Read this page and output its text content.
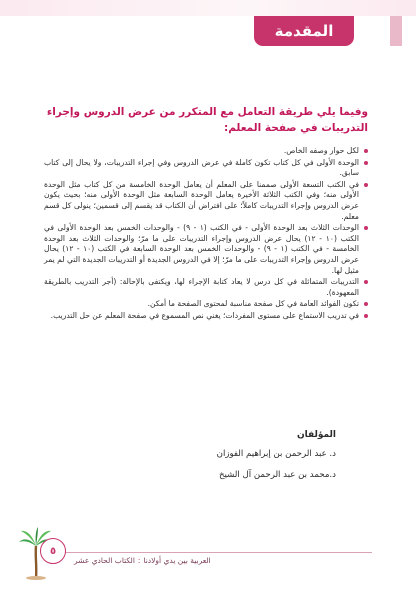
المقدمة

وفيما يلي طريقة التعامل مع المتكرر من عرض الدروس وإجراء التدريبات في صفحة المعلم:

لكل حوار وصفه الخاص.
الوحدة الأولى في كل كتاب تكون كاملة في عرض الدروس وفي إجراء التدريبات، ولا يحال إلى كتاب سابق.
في الكتب التسعة الأولى صممنا على المعلم أن يعامل الوحدة الخامسة من كل كتاب مثل الوحدة الأولى منه؛ وفي الكتب الثلاثة الأخيرة يعامل الوحدة السابعة مثل الوحدة الأولى منه؛ بحيث يكون عرض الدروس وإجراء التدريبات كاملاً؛ على افتراض أن الكتاب قد يقسم إلى قسمين؛ ينولى كل قسم معلم.
الوحدات الثلاث بعد الوحدة الأولى - في الكتب (١ - ٩) - والوحدات الخمس بعد الوحدة الأولى في الكتب (١٠ - ١٢) يحال عرض الدروس وإجراء التدريبات على ما مرّ؛ والوحدات الثلاث بعد الوحدة الخامسة - في الكتب (١ - ٩) - والوحدات الخمس بعد الوحدة السابعة في الكتب (١٠ - ١٢) يحال عرض الدروس وإجراء التدريبات على ما مرّ؛ إلا في الدروس الجديدة أو التدريبات الجديدة التي لم يمر مثيل لها.
التدريبات المتماثلة في كل درس لا يعاد كتابة الإجراء لها، ويكتفى بالإحالة: (أجر التدريب بالطريقة المعهودة).
تكون الفوائد العامة في كل صفحة مناسبة لمحتوى الصفحة ما أمكن.
في تدريب الاستماع على مستوى المفردات؛ يغني نص المسموع في صفحة المعلم عن حل التدريب.
المؤلفان
د. عبد الرحمن بن إبراهيم الفوزان
د.محمد بن عبد الرحمن آل الشيخ
٥
العربية بين يدي أولادنا:الكتاب الحادي عشر
